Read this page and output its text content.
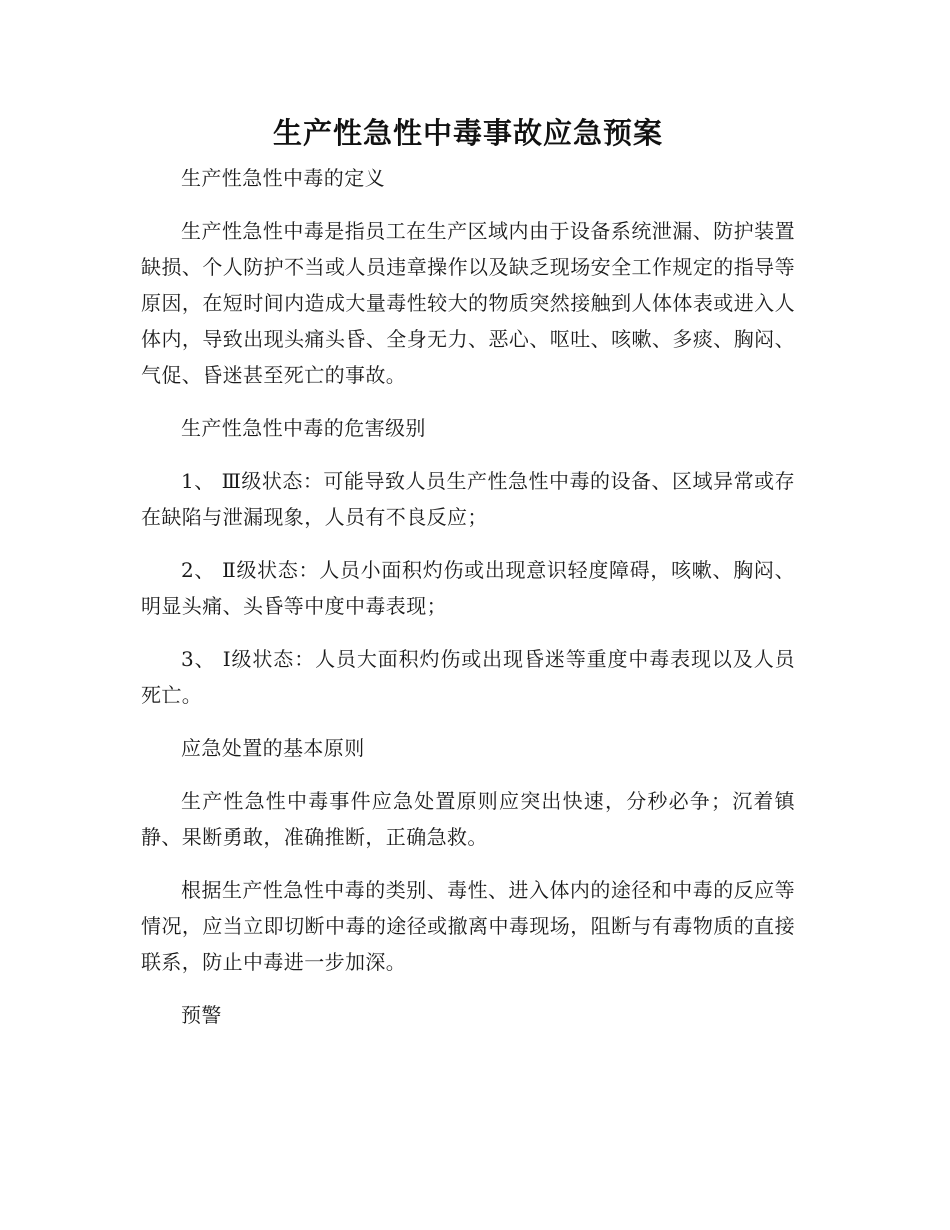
生产性急性中毒事故应急预案

生产性急性中毒的定义

生产性急性中毒是指员工在生产区域内由于设备系统泄漏、防护装置缺损、个人防护不当或人员违章操作以及缺乏现场安全工作规定的指导等原因，在短时间内造成大量毒性较大的物质突然接触到人体体表或进入人体内，导致出现头痛头昏、全身无力、恶心、呕吐、咳嗽、多痰、胸闷、气促、昏迷甚至死亡的事故。

生产性急性中毒的危害级别

1、 Ⅲ级状态：可能导致人员生产性急性中毒的设备、区域异常或存在缺陷与泄漏现象，人员有不良反应；

2、 Ⅱ级状态：人员小面积灼伤或出现意识轻度障碍，咳嗽、胸闷、明显头痛、头昏等中度中毒表现；

3、 Ⅰ级状态：人员大面积灼伤或出现昏迷等重度中毒表现以及人员死亡。

应急处置的基本原则

生产性急性中毒事件应急处置原则应突出快速，分秒必争；沉着镇静、果断勇敢，准确推断，正确急救。

根据生产性急性中毒的类别、毒性、进入体内的途径和中毒的反应等情况，应当立即切断中毒的途径或撤离中毒现场，阻断与有毒物质的直接联系，防止中毒进一步加深。

预警
